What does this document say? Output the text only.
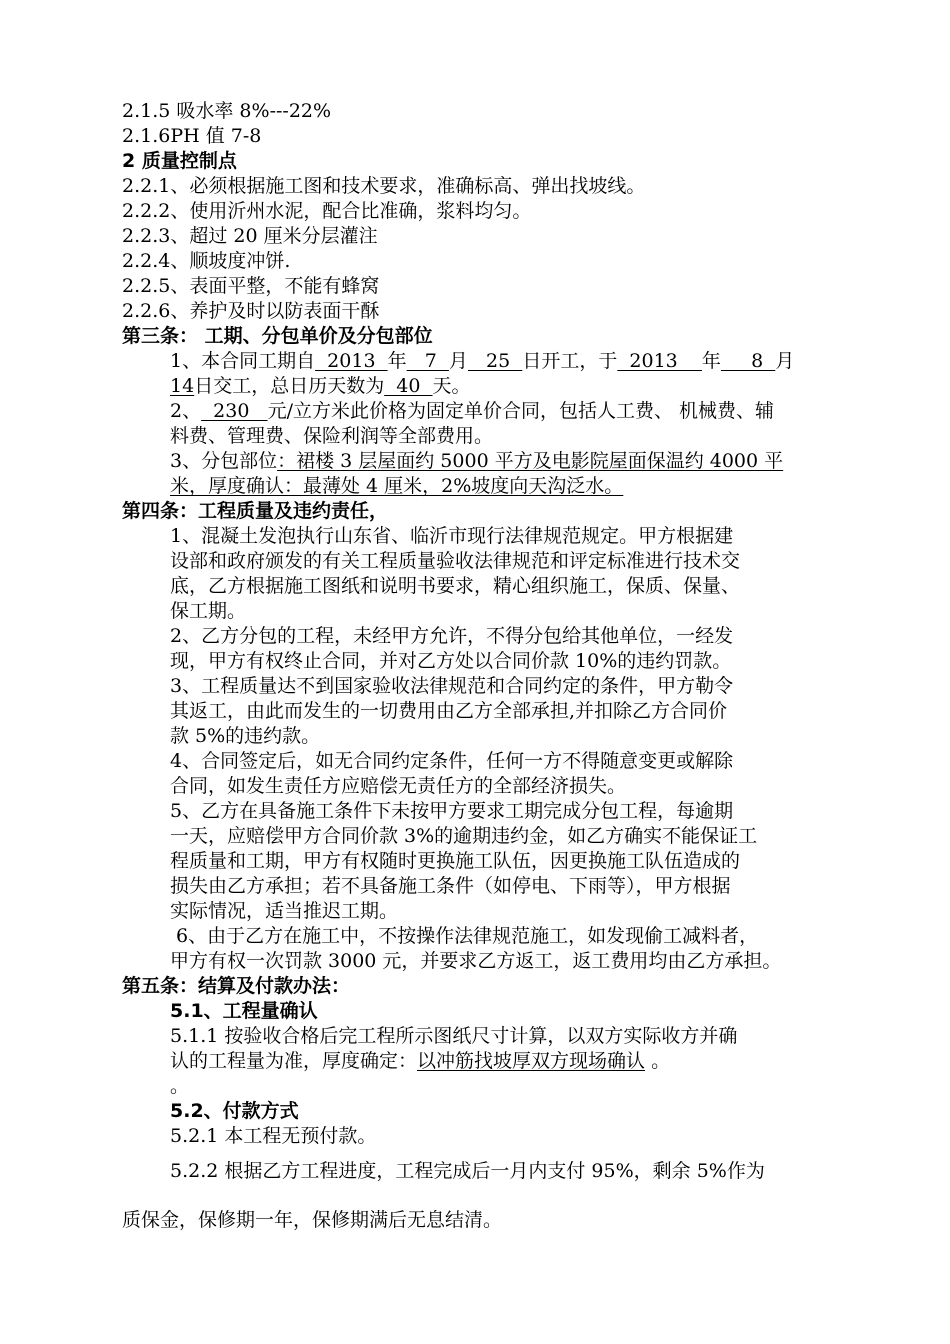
2.1.5 吸水率 8%---22%
2.1.6PH 值 7-8
2 质量控制点
2.2.1、必须根据施工图和技术要求，准确标高、弹出找坡线。
2.2.2、使用沂州水泥，配合比准确，浆料均匀。
2.2.3、超过 20 厘米分层灌注
2.2.4、顺坡度冲饼.
2.2.5、表面平整，不能有蜂窝
2.2.6、养护及时以防表面干酥
第三条： 工期、分包单价及分包部位
1、本合同工期自  2013  年   7  月   25  日开工，于  2013    年     8  月
14日交工，总日历天数为  40  天。
2、  230   元/立方米此价格为固定单价合同，包括人工费、 机械费、辅
料费、管理费、保险利润等全部费用。
3、分包部位：裙楼 3 层屋面约 5000 平方及电影院屋面保温约 4000 平
米，厚度确认：最薄处 4 厘米，2%坡度向天沟泛水。
第四条：工程质量及违约责任，
1、混凝土发泡执行山东省、临沂市现行法律规范规定。甲方根据建
设部和政府颁发的有关工程质量验收法律规范和评定标准进行技术交
底，乙方根据施工图纸和说明书要求，精心组织施工，保质、保量、
保工期。
2、乙方分包的工程，未经甲方允许，不得分包给其他单位，一经发
现，甲方有权终止合同，并对乙方处以合同价款 10%的违约罚款。
3、工程质量达不到国家验收法律规范和合同约定的条件，甲方勒令
其返工，由此而发生的一切费用由乙方全部承担,并扣除乙方合同价
款 5%的违约款。
4、合同签定后，如无合同约定条件，任何一方不得随意变更或解除
合同，如发生责任方应赔偿无责任方的全部经济损失。
5、乙方在具备施工条件下未按甲方要求工期完成分包工程，每逾期
一天，应赔偿甲方合同价款 3%的逾期违约金，如乙方确实不能保证工
程质量和工期，甲方有权随时更换施工队伍，因更换施工队伍造成的
损失由乙方承担；若不具备施工条件（如停电、下雨等），甲方根据
实际情况，适当推迟工期。
6、由于乙方在施工中，不按操作法律规范施工，如发现偷工减料者，
甲方有权一次罚款 3000 元，并要求乙方返工，返工费用均由乙方承担。
第五条：结算及付款办法：
5.1、工程量确认
5.1.1 按验收合格后完工程所示图纸尺寸计算，以双方实际收方并确
认的工程量为准，厚度确定：以冲筋找坡厚双方现场确认 。
。
5.2、付款方式
5.2.1 本工程无预付款。
5.2.2 根据乙方工程进度，工程完成后一月内支付 95%，剩余 5%作为
质保金，保修期一年，保修期满后无息结清。
